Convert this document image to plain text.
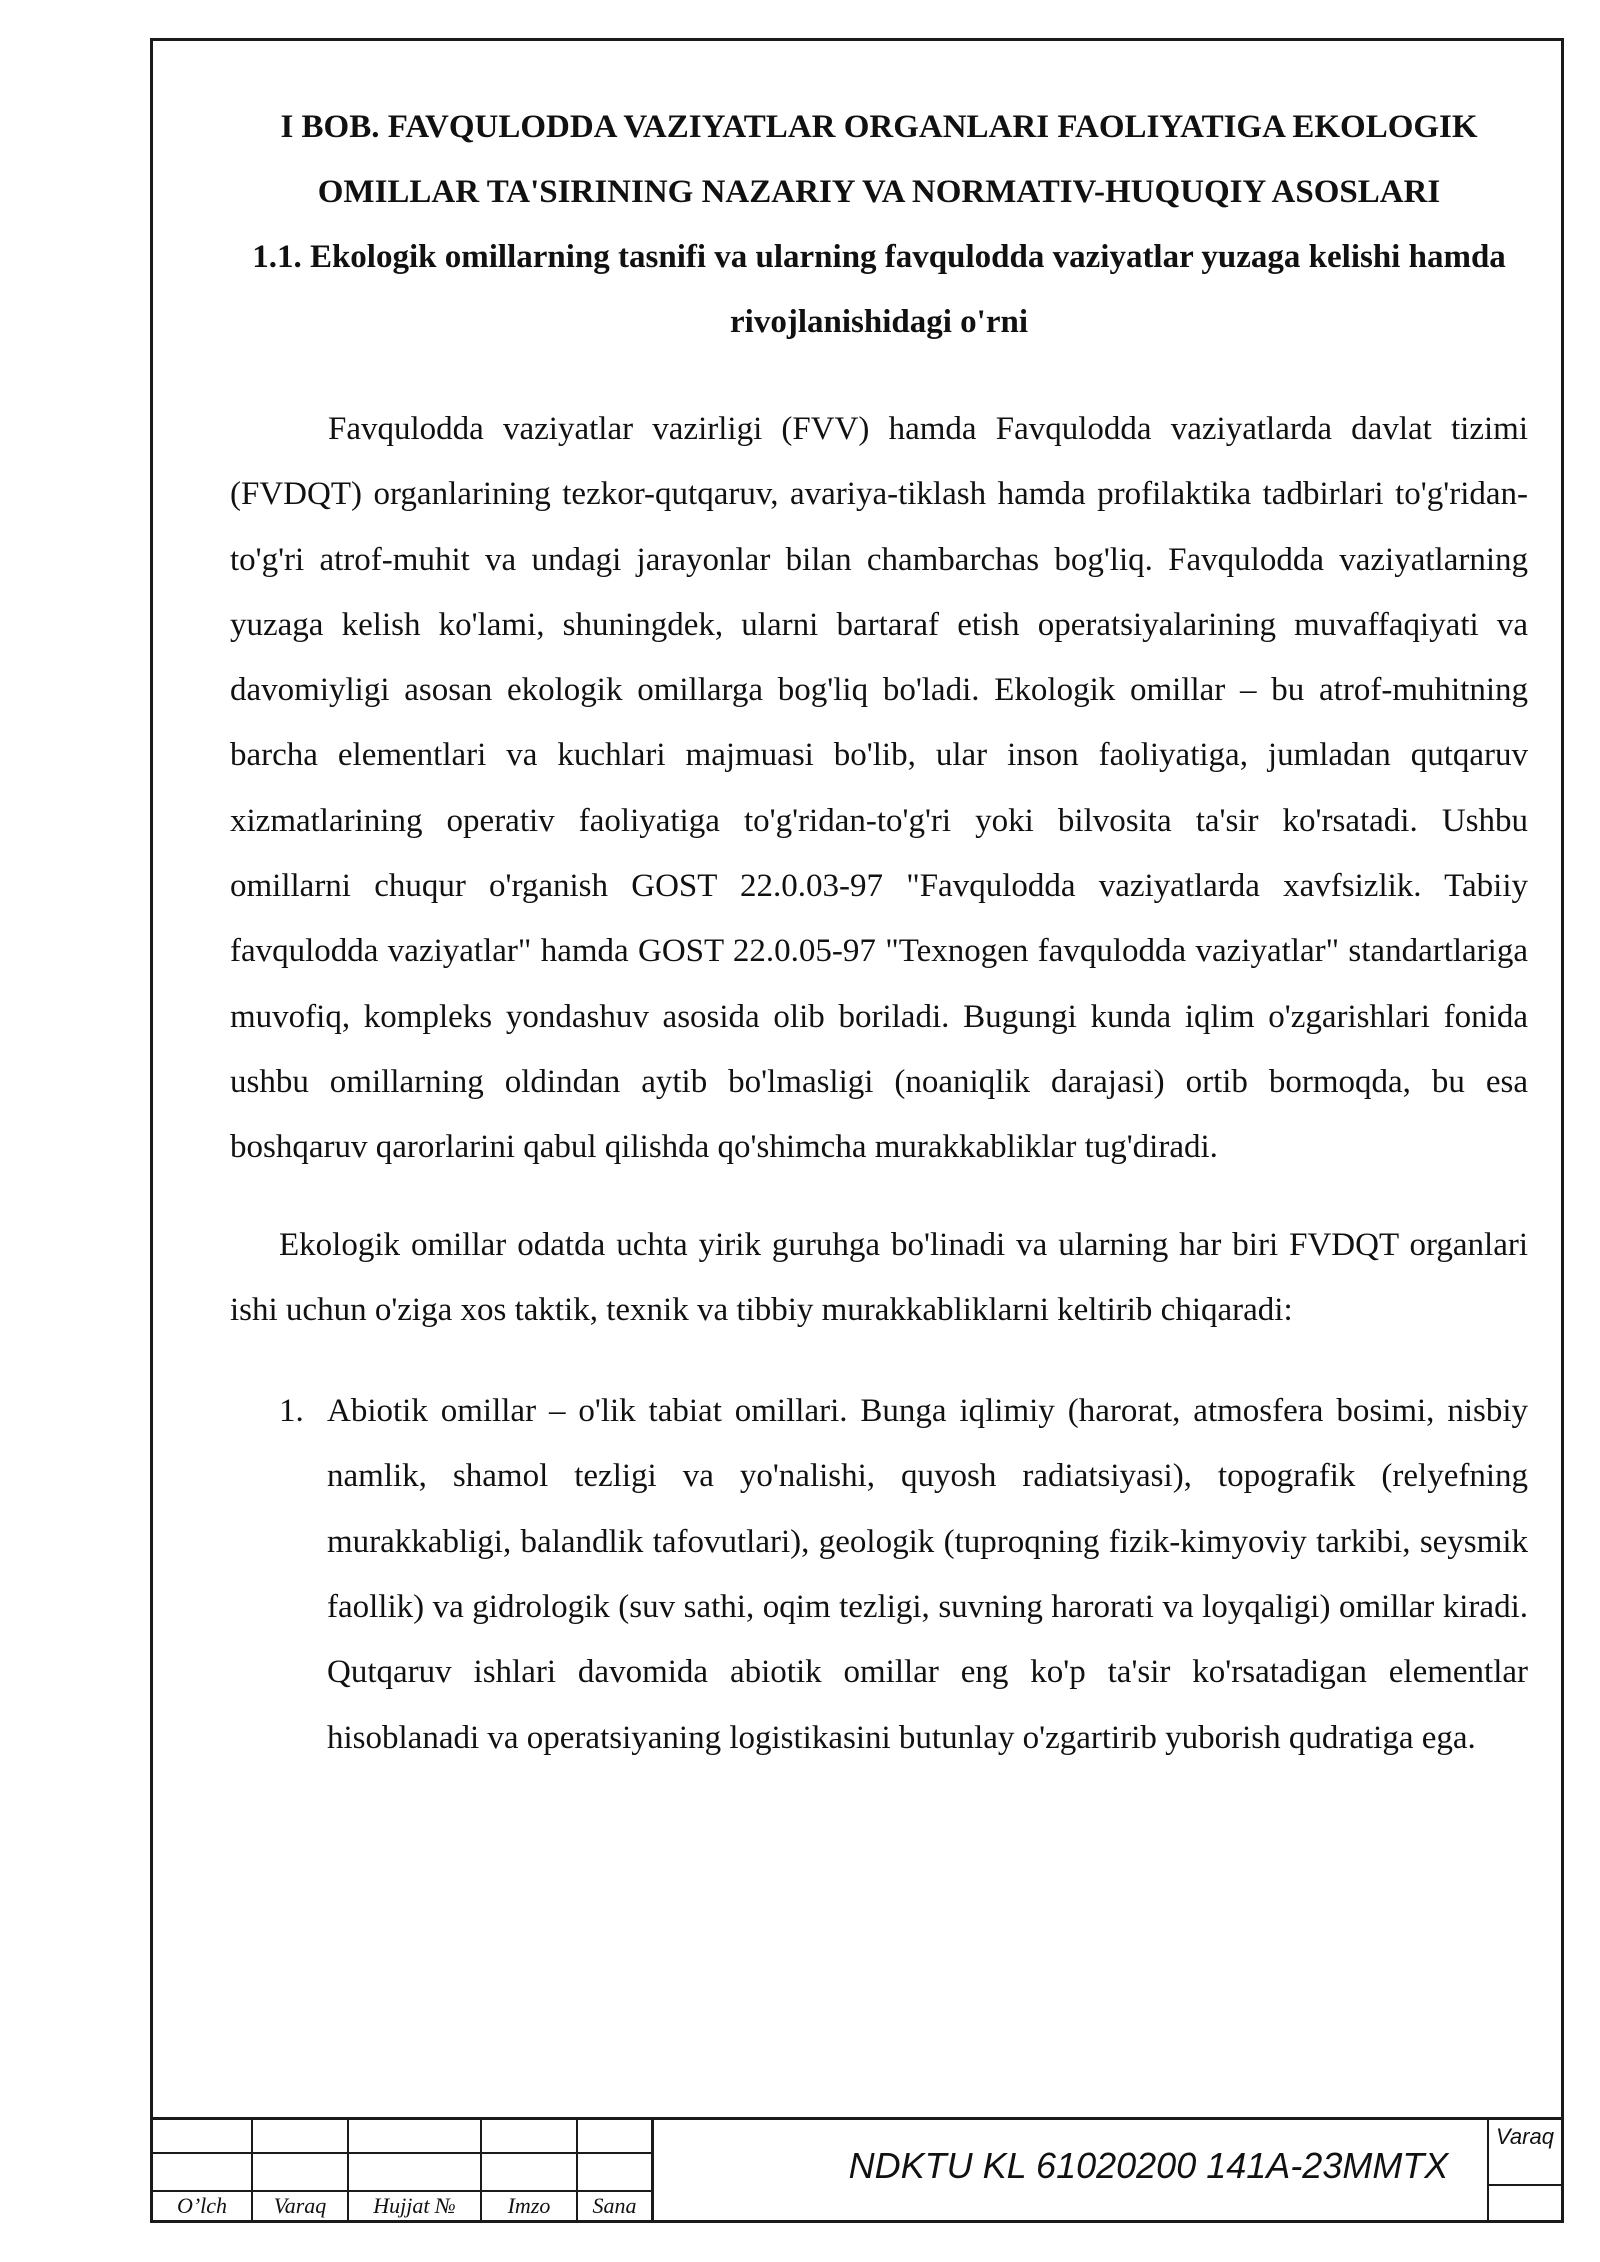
I BOB. FAVQULODDA VAZIYATLAR ORGANLARI FAOLIYATIGA EKOLOGIK OMILLAR TA'SIRINING NAZARIY VA NORMATIV-HUQUQIY ASOSLARI
1.1. Ekologik omillarning tasnifi va ularning favqulodda vaziyatlar yuzaga kelishi hamda rivojlanishidagi o'rni

Favqulodda vaziyatlar vazirligi (FVV) hamda Favqulodda vaziyatlarda davlat tizimi (FVDQT) organlarining tezkor-qutqaruv, avariya-tiklash hamda profilaktika tadbirlari to'g'ridan-to'g'ri atrof-muhit va undagi jarayonlar bilan chambarchas bog'liq. Favqulodda vaziyatlarning yuzaga kelish ko'lami, shuningdek, ularni bartaraf etish operatsiyalarining muvaffaqiyati va davomiyligi asosan ekologik omillarga bog'liq bo'ladi. Ekologik omillar – bu atrof-muhitning barcha elementlari va kuchlari majmuasi bo'lib, ular inson faoliyatiga, jumladan qutqaruv xizmatlarining operativ faoliyatiga to'g'ridan-to'g'ri yoki bilvosita ta'sir ko'rsatadi. Ushbu omillarni chuqur o'rganish GOST 22.0.03-97 "Favqulodda vaziyatlarda xavfsizlik. Tabiiy favqulodda vaziyatlar" hamda GOST 22.0.05-97 "Texnogen favqulodda vaziyatlar" standartlariga muvofiq, kompleks yondashuv asosida olib boriladi. Bugungi kunda iqlim o'zgarishlari fonida ushbu omillarning oldindan aytib bo'lmasligi (noaniqlik darajasi) ortib bormoqda, bu esa boshqaruv qarorlarini qabul qilishda qo'shimcha murakkabliklar tug'diradi.

Ekologik omillar odatda uchta yirik guruhga bo'linadi va ularning har biri FVDQT organlari ishi uchun o'ziga xos taktik, texnik va tibbiy murakkabliklarni keltirib chiqaradi:

1. Abiotik omillar – o'lik tabiat omillari. Bunga iqlimiy (harorat, atmosfera bosimi, nisbiy namlik, shamol tezligi va yo'nalishi, quyosh radiatsiyasi), topografik (relyefning murakkabligi, balandlik tafovutlari), geologik (tuproqning fizik-kimyoviy tarkibi, seysmik faollik) va gidrologik (suv sathi, oqim tezligi, suvning harorati va loyqaligi) omillar kiradi. Qutqaruv ishlari davomida abiotik omillar eng ko'p ta'sir ko'rsatadigan elementlar hisoblanadi va operatsiyaning logistikasini butunlay o'zgartirib yuborish qudratiga ega.
O’lch	Varaq	Hujjat №	Imzo	Sana
NDKTU KL 61020200 141A-23MMTX
Varaq
